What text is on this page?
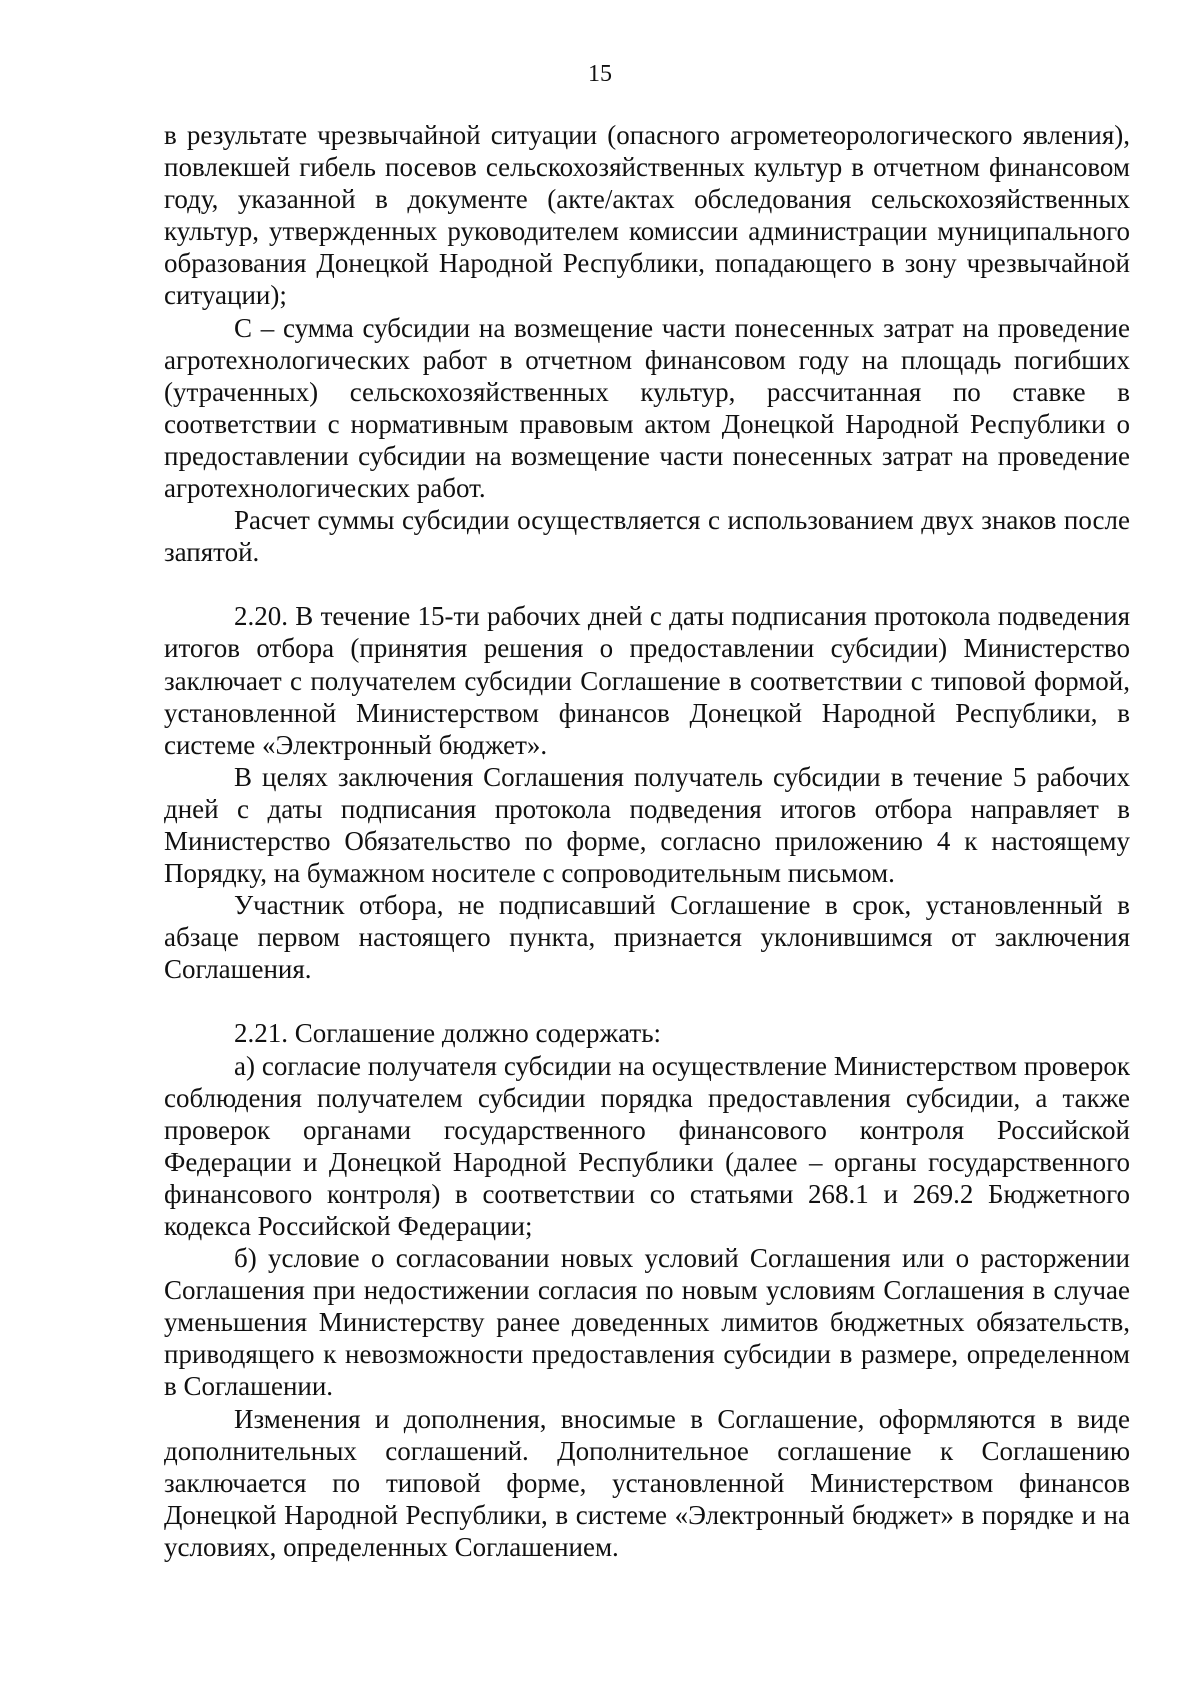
15

в результате чрезвычайной ситуации (опасного агрометеорологического явления), повлекшей гибель посевов сельскохозяйственных культур в отчетном финансовом году, указанной в документе (акте/актах обследования сельскохозяйственных культур, утвержденных руководителем комиссии администрации муниципального образования Донецкой Народной Республики, попадающего в зону чрезвычайной ситуации);

С – сумма субсидии на возмещение части понесенных затрат на проведение агротехнологических работ в отчетном финансовом году на площадь погибших (утраченных) сельскохозяйственных культур, рассчитанная по ставке в соответствии с нормативным правовым актом Донецкой Народной Республики о предоставлении субсидии на возмещение части понесенных затрат на проведение агротехнологических работ.

Расчет суммы субсидии осуществляется с использованием двух знаков после запятой.

2.20. В течение 15-ти рабочих дней с даты подписания протокола подведения итогов отбора (принятия решения о предоставлении субсидии) Министерство заключает с получателем субсидии Соглашение в соответствии с типовой формой, установленной Министерством финансов Донецкой Народной Республики, в системе «Электронный бюджет».

В целях заключения Соглашения получатель субсидии в течение 5 рабочих дней с даты подписания протокола подведения итогов отбора направляет в Министерство Обязательство по форме, согласно приложению 4 к настоящему Порядку, на бумажном носителе с сопроводительным письмом.

Участник отбора, не подписавший Соглашение в срок, установленный в абзаце первом настоящего пункта, признается уклонившимся от заключения Соглашения.

2.21. Соглашение должно содержать:

а) согласие получателя субсидии на осуществление Министерством проверок соблюдения получателем субсидии порядка предоставления субсидии, а также проверок органами государственного финансового контроля Российской Федерации и Донецкой Народной Республики (далее – органы государственного финансового контроля) в соответствии со статьями 268.1 и 269.2 Бюджетного кодекса Российской Федерации;

б) условие о согласовании новых условий Соглашения или о расторжении Соглашения при недостижении согласия по новым условиям Соглашения в случае уменьшения Министерству ранее доведенных лимитов бюджетных обязательств, приводящего к невозможности предоставления субсидии в размере, определенном в Соглашении.

Изменения и дополнения, вносимые в Соглашение, оформляются в виде дополнительных соглашений. Дополнительное соглашение к Соглашению заключается по типовой форме, установленной Министерством финансов Донецкой Народной Республики, в системе «Электронный бюджет» в порядке и на условиях, определенных Соглашением.
